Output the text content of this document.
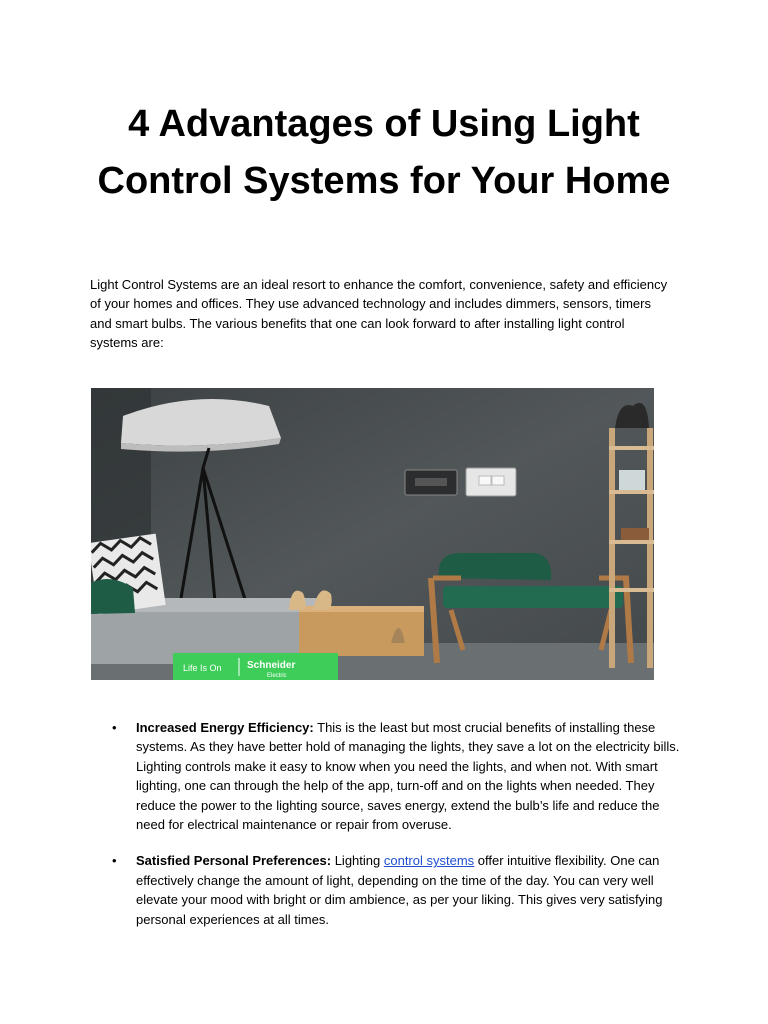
4 Advantages of Using Light Control Systems for Your Home

Light Control Systems are an ideal resort to enhance the comfort, convenience, safety and efficiency of your homes and offices. They use advanced technology and includes dimmers, sensors, timers and smart bulbs. The various benefits that one can look forward to after installing light control systems are:

Life Is On	Schneider
Electric
• Increased Energy Efficiency: This is the least but most crucial benefits of installing these systems. As they have better hold of managing the lights, they save a lot on the electricity bills. Lighting controls make it easy to know when you need the lights, and when not. With smart lighting, one can through the help of the app, turn-off and on the lights when needed. They reduce the power to the lighting source, saves energy, extend the bulb’s life and reduce the need for electrical maintenance or repair from overuse.
• Satisfied Personal Preferences: Lighting control systems offer intuitive flexibility. One can effectively change the amount of light, depending on the time of the day. You can very well elevate your mood with bright or dim ambience, as per your liking. This gives very satisfying personal experiences at all times.
